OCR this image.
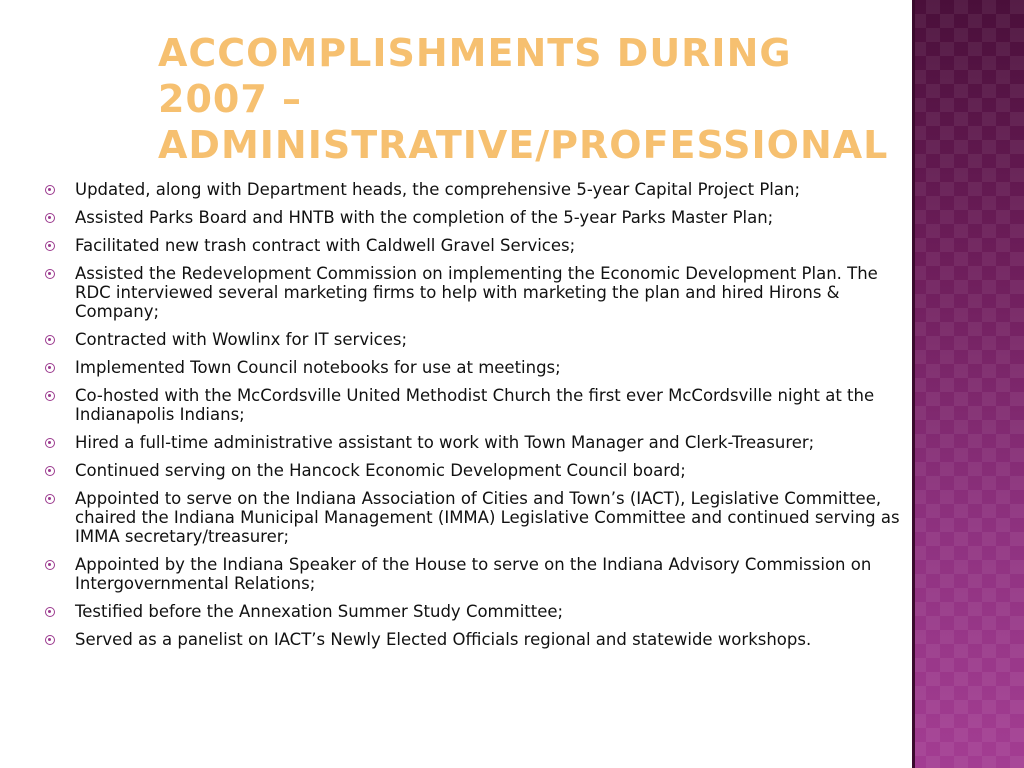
ACCOMPLISHMENTS DURING 2007 –
ADMINISTRATIVE/PROFESSIONAL
Updated, along with Department heads, the comprehensive 5-year Capital Project Plan;
Assisted Parks Board and HNTB with the completion of the 5-year Parks Master Plan;
Facilitated new trash contract with Caldwell Gravel Services;
Assisted the Redevelopment Commission on implementing the Economic Development Plan. The RDC interviewed several marketing firms to help with marketing the plan and hired Hirons & Company;
Contracted with Wowlinx for IT services;
Implemented Town Council notebooks for use at meetings;
Co-hosted with the McCordsville United Methodist Church the first ever McCordsville night at the Indianapolis Indians;
Hired a full-time administrative assistant to work with Town Manager and Clerk-Treasurer;
Continued serving on the Hancock Economic Development Council board;
Appointed to serve on the Indiana Association of Cities and Town’s (IACT), Legislative Committee, chaired the Indiana Municipal Management (IMMA) Legislative Committee and continued serving as IMMA secretary/treasurer;
Appointed by the Indiana Speaker of the House to serve on the Indiana Advisory Commission on Intergovernmental Relations;
Testified before the Annexation Summer Study Committee;
Served as a panelist on IACT’s Newly Elected Officials regional and statewide workshops.
